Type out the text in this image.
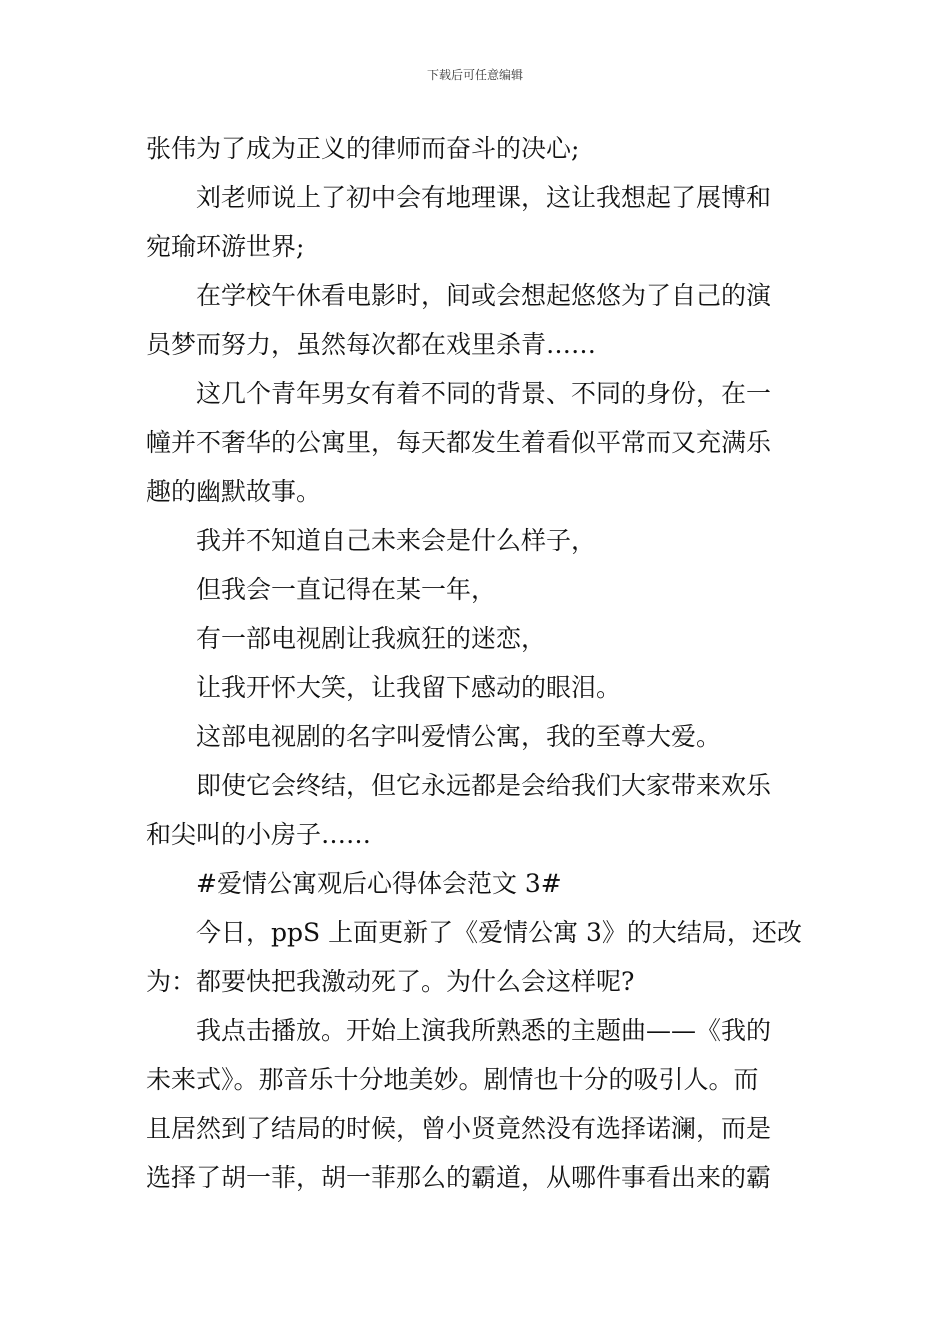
下载后可任意编辑
张伟为了成为正义的律师而奋斗的决心;
刘老师说上了初中会有地理课，这让我想起了展博和
宛瑜环游世界;
在学校午休看电影时，间或会想起悠悠为了自己的演
员梦而努力，虽然每次都在戏里杀青……
这几个青年男女有着不同的背景、不同的身份，在一
幢并不奢华的公寓里，每天都发生着看似平常而又充满乐
趣的幽默故事。
我并不知道自己未来会是什么样子，
但我会一直记得在某一年，
有一部电视剧让我疯狂的迷恋，
让我开怀大笑，让我留下感动的眼泪。
这部电视剧的名字叫爱情公寓，我的至尊大爱。
即使它会终结，但它永远都是会给我们大家带来欢乐
和尖叫的小房子……
#爱情公寓观后心得体会范文 3#
今日，ppS 上面更新了《爱情公寓 3》的大结局，还改
为：都要快把我激动死了。为什么会这样呢?
我点击播放。开始上演我所熟悉的主题曲——《我的
未来式》。那音乐十分地美妙。剧情也十分的吸引人。而
且居然到了结局的时候，曾小贤竟然没有选择诺澜，而是
选择了胡一菲，胡一菲那么的霸道，从哪件事看出来的霸
